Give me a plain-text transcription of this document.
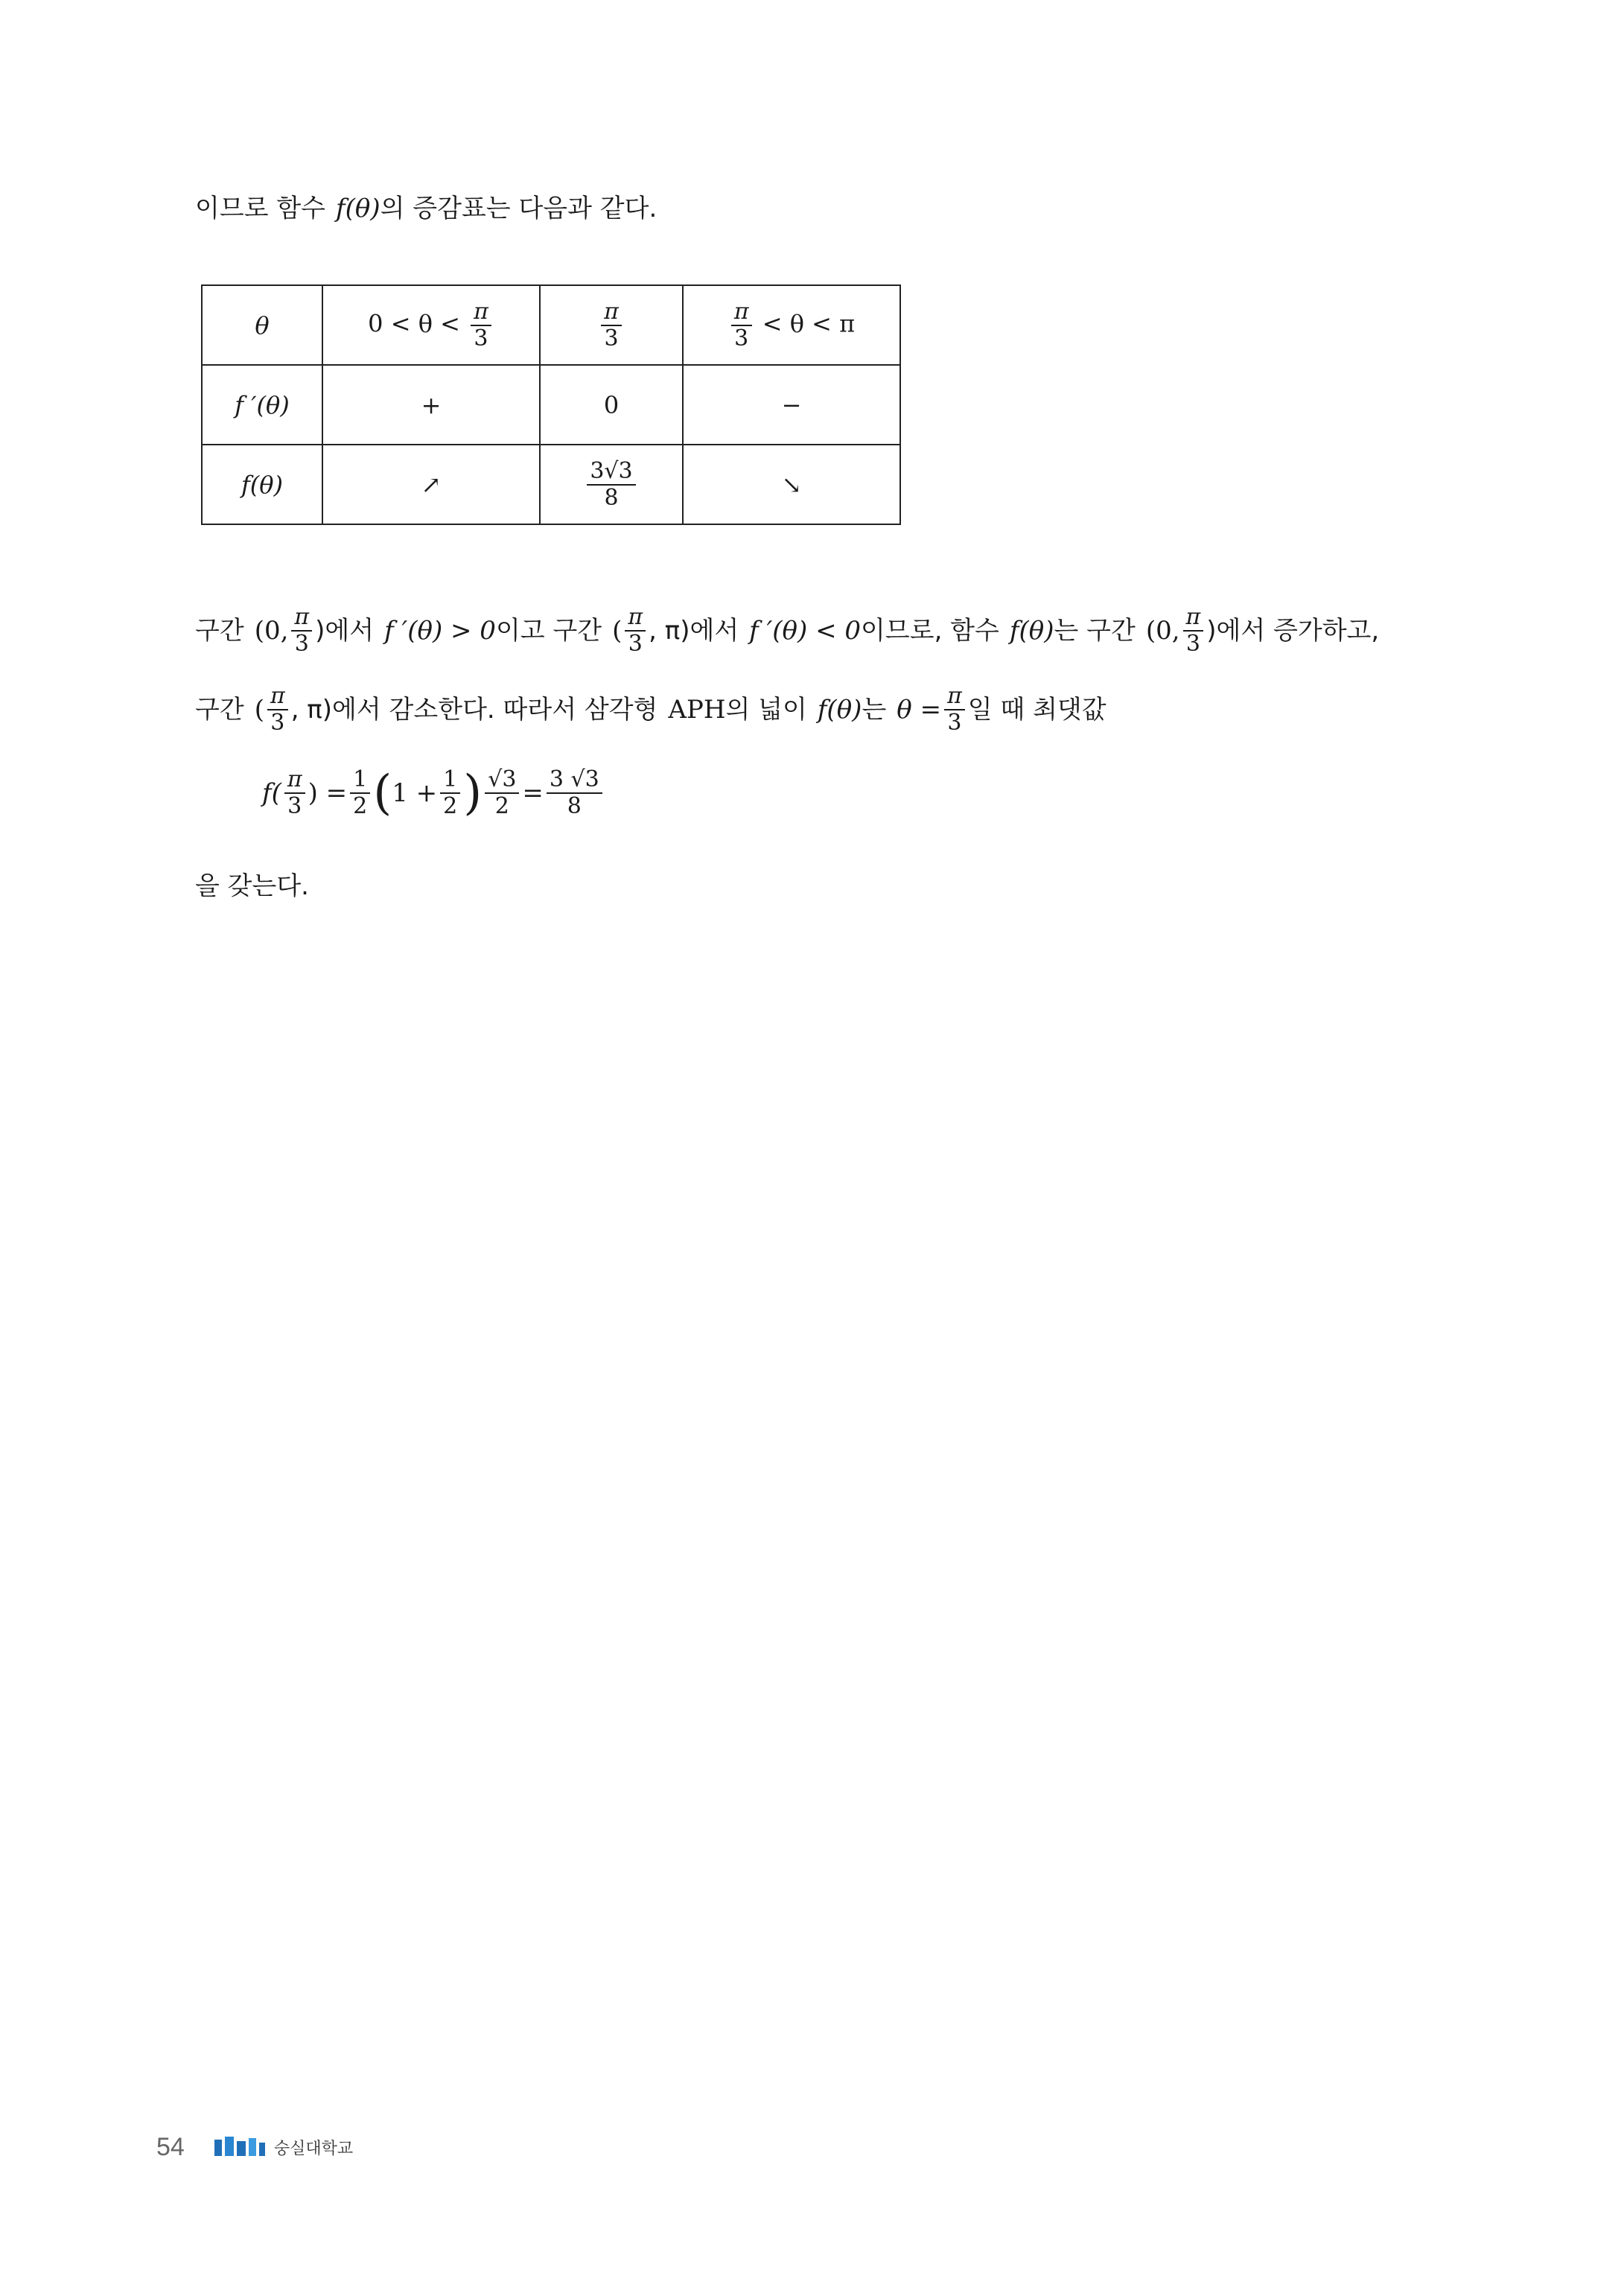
이므로 함수 f(θ) 의 증감표는 다음과 같다.
θ	$0 < \theta < \frac{\pi}{3}$	$\frac{\pi}{3}$	$\frac{\pi}{3} < \theta < \pi$
f ′(θ)	+	0	−
f(θ)	↗	$\frac{3√3}{8}$	↘
구간 (0, $\frac{\pi}{3}$ )에서 f ′(θ) > 0 이고 구간 ( $\frac{\pi}{3}$ , π)에서 f ′(θ) < 0 이므로, 함수 f(θ) 는 구간 (0, $\frac{\pi}{3}$ )에서 증가하고,
구간 ( $\frac{\pi}{3}$ , π)에서 감소한다. 따라서 삼각형 APH 의 넓이 f(θ) 는 $\theta = \frac{\pi}{3}$ 일 때 최댓값
$f( \frac{\pi}{3}$ ) = $\frac{1}{2}$ ( $1 + \frac{1}{2}$ ) $\frac{√3}{2} = \frac{3 √3}{8}$
을 갖는다.
54	숭실대학교
